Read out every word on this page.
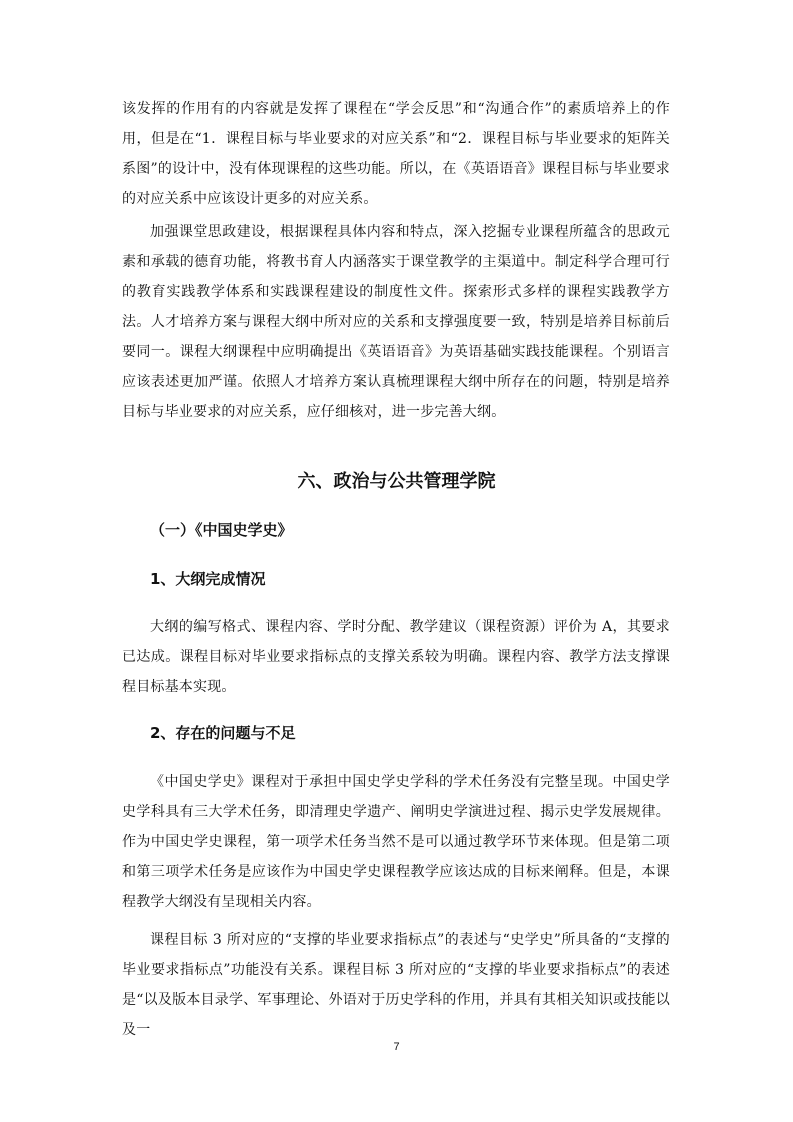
该发挥的作用有的内容就是发挥了课程在“学会反思”和“沟通合作”的素质培养上的作用，但是在“1．课程目标与毕业要求的对应关系”和“2．课程目标与毕业要求的矩阵关系图”的设计中，没有体现课程的这些功能。所以，在《英语语音》课程目标与毕业要求的对应关系中应该设计更多的对应关系。

加强课堂思政建设，根据课程具体内容和特点，深入挖掘专业课程所蕴含的思政元素和承载的德育功能，将教书育人内涵落实于课堂教学的主渠道中。制定科学合理可行的教育实践教学体系和实践课程建设的制度性文件。探索形式多样的课程实践教学方法。人才培养方案与课程大纲中所对应的关系和支撑强度要一致，特别是培养目标前后要同一。课程大纲课程中应明确提出《英语语音》为英语基础实践技能课程。个别语言应该表述更加严谨。依照人才培养方案认真梳理课程大纲中所存在的问题，特别是培养目标与毕业要求的对应关系，应仔细核对，进一步完善大纲。

六、政治与公共管理学院
（一）《中国史学史》
1、大纲完成情况

大纲的编写格式、课程内容、学时分配、教学建议（课程资源）评价为 A，其要求已达成。课程目标对毕业要求指标点的支撑关系较为明确。课程内容、教学方法支撑课程目标基本实现。

2、存在的问题与不足

《中国史学史》课程对于承担中国史学史学科的学术任务没有完整呈现。中国史学史学科具有三大学术任务，即清理史学遗产、阐明史学演进过程、揭示史学发展规律。作为中国史学史课程，第一项学术任务当然不是可以通过教学环节来体现。但是第二项和第三项学术任务是应该作为中国史学史课程教学应该达成的目标来阐释。但是，本课程教学大纲没有呈现相关内容。

课程目标 3 所对应的“支撑的毕业要求指标点”的表述与“史学史”所具备的“支撑的毕业要求指标点”功能没有关系。课程目标 3 所对应的“支撑的毕业要求指标点”的表述是“以及版本目录学、军事理论、外语对于历史学科的作用，并具有其相关知识或技能以及一

7
